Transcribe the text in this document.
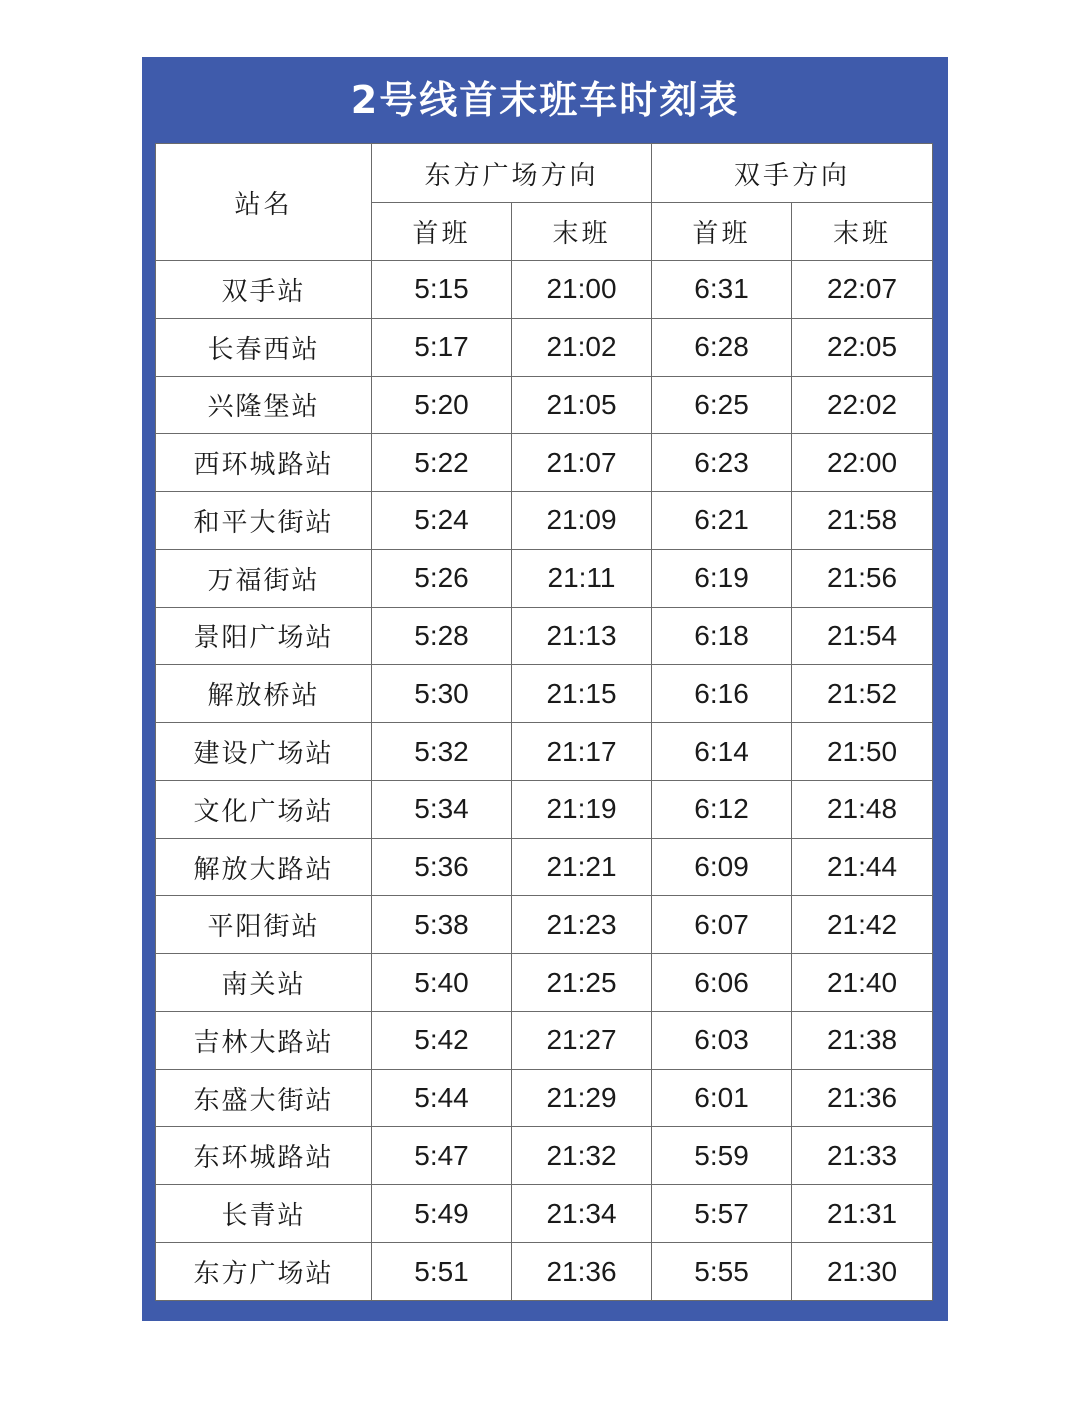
2号线首末班车时刻表
站名	东方广场方向		双手方向	
	首班	末班	首班	末班
双手站	5:15	21:00	6:31	22:07
长春西站	5:17	21:02	6:28	22:05
兴隆堡站	5:20	21:05	6:25	22:02
西环城路站	5:22	21:07	6:23	22:00
和平大街站	5:24	21:09	6:21	21:58
万福街站	5:26	21:11	6:19	21:56
景阳广场站	5:28	21:13	6:18	21:54
解放桥站	5:30	21:15	6:16	21:52
建设广场站	5:32	21:17	6:14	21:50
文化广场站	5:34	21:19	6:12	21:48
解放大路站	5:36	21:21	6:09	21:44
平阳街站	5:38	21:23	6:07	21:42
南关站	5:40	21:25	6:06	21:40
吉林大路站	5:42	21:27	6:03	21:38
东盛大街站	5:44	21:29	6:01	21:36
东环城路站	5:47	21:32	5:59	21:33
长青站	5:49	21:34	5:57	21:31
东方广场站	5:51	21:36	5:55	21:30
